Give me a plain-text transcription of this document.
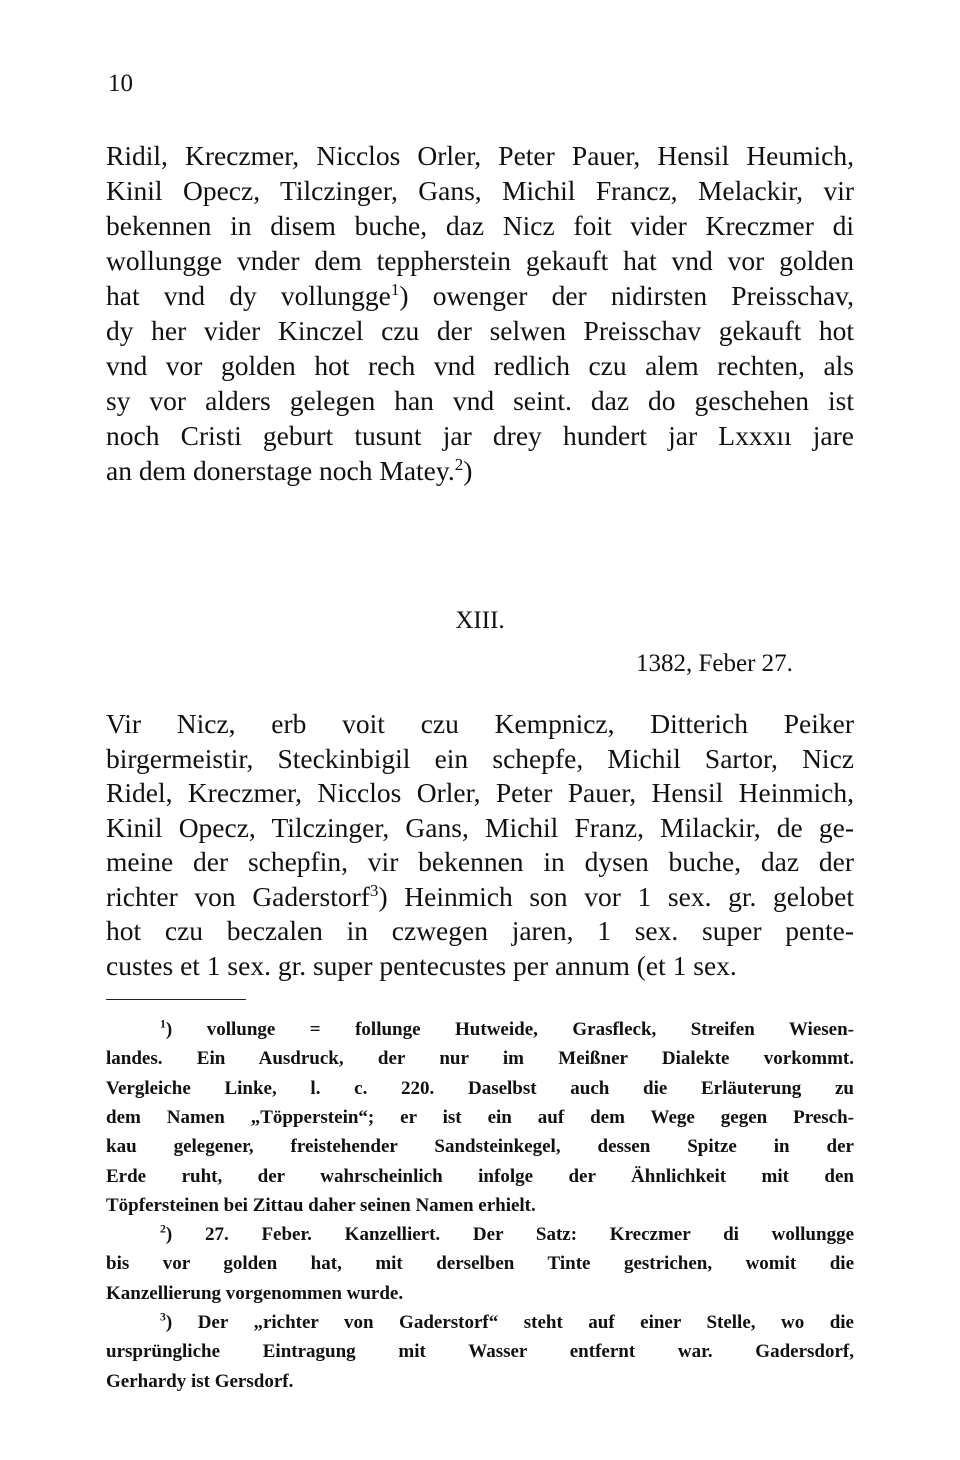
10

Ridil, Kreczmer, Nicclos Orler, Peter Pauer, Hensil Heumich,

Kinil Opecz, Tilczinger, Gans, Michil Francz, Melackir, vir

bekennen in disem buche, daz Nicz foit vider Kreczmer di

wollungge vnder dem teppherstein gekauft hat vnd vor golden

hat vnd dy vollungge$^1$) owenger der nidirsten Preisschav,

dy her vider Kinczel czu der selwen Preisschav gekauft hot

vnd vor golden hot rech vnd redlich czu alem rechten, als

sy vor alders gelegen han vnd seint. daz do geschehen ist

noch Cristi geburt tusunt jar drey hundert jar Lxxxıı jare

an dem donerstage noch Matey.$^2$)

XIII.
1382, Feber 27.

Vir Nicz, erb voit czu Kempnicz, Ditterich Peiker

birgermeistir, Steckinbigil ein schepfe, Michil Sartor, Nicz

Ridel, Kreczmer, Nicclos Orler, Peter Pauer, Hensil Heinmich,

Kinil Opecz, Tilczinger, Gans, Michil Franz, Milackir, de ge-

meine der schepfin, vir bekennen in dysen buche, daz der

richter von Gaderstorf$^3$) Heinmich son vor 1 sex. gr. gelobet

hot czu beczalen in czwegen jaren, 1 sex. super pente-

custes et 1 sex. gr. super pentecustes per annum (et 1 sex.

$^1$) vollunge = follunge Hutweide, Grasfleck, Streifen Wiesen-

landes. Ein Ausdruck, der nur im Meißner Dialekte vorkommt.

Vergleiche Linke, l. c. 220. Daselbst auch die Erläuterung zu

dem Namen „Töpperstein“; er ist ein auf dem Wege gegen Presch-

kau gelegener, freistehender Sandsteinkegel, dessen Spitze in der

Erde ruht, der wahrscheinlich infolge der Ähnlichkeit mit den

Töpfersteinen bei Zittau daher seinen Namen erhielt.

$^2$) 27. Feber. Kanzelliert. Der Satz: Kreczmer di wollungge

bis vor golden hat, mit derselben Tinte gestrichen, womit die

Kanzellierung vorgenommen wurde.

$^3$) Der „richter von Gaderstorf“ steht auf einer Stelle, wo die

ursprüngliche Eintragung mit Wasser entfernt war. Gadersdorf,

Gerhardy ist Gersdorf.
